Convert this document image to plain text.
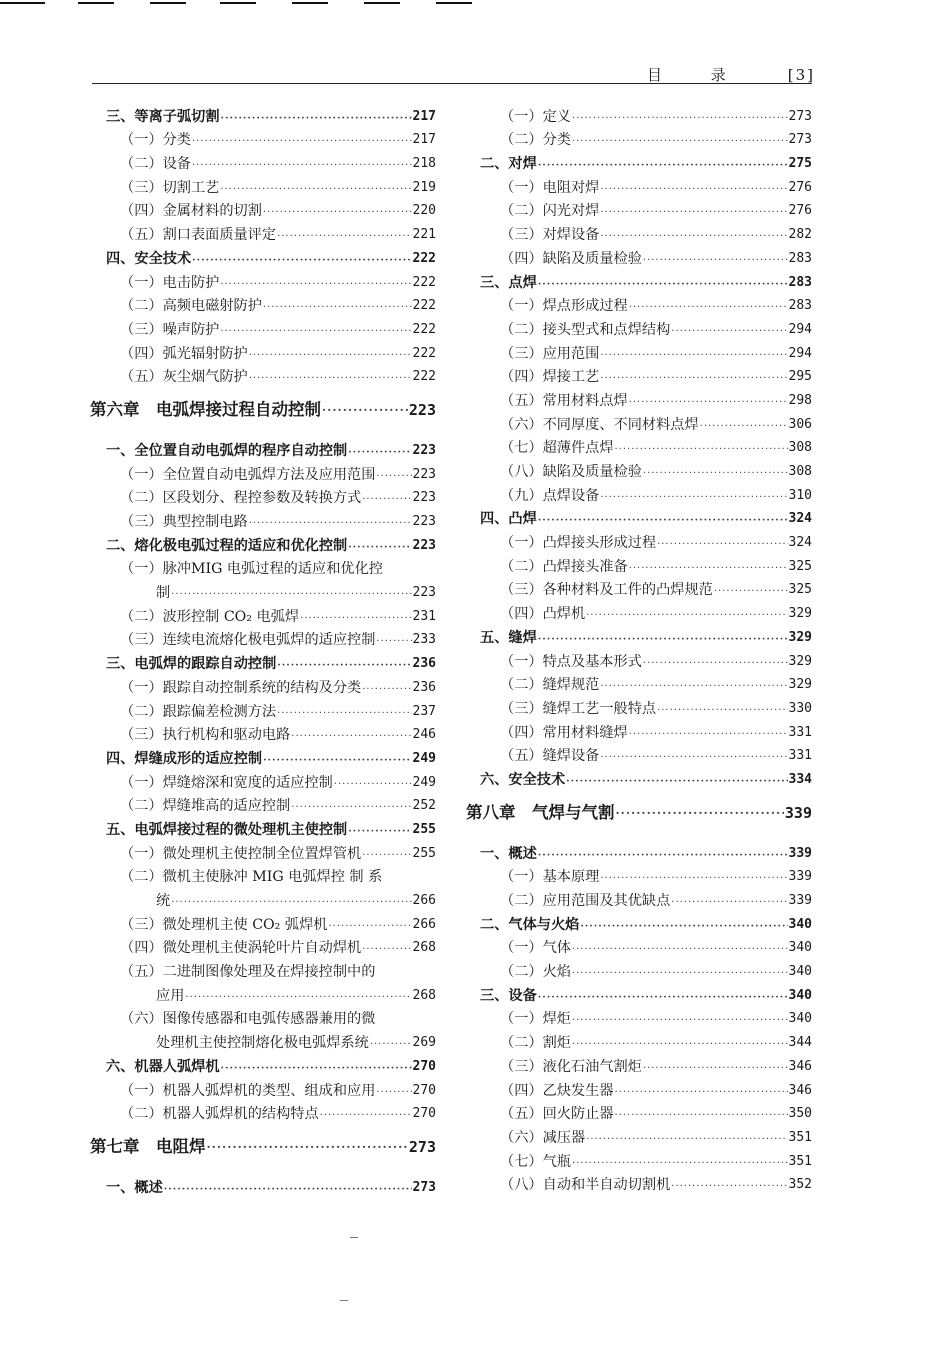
目 录	[3]
三、等离子弧切割 ·····	217
（一）分类 ·····	217
（二）设备 ·····	218
（三）切割工艺 ·····	219
（四）金属材料的切割 ·····	220
（五）割口表面质量评定 ·····	221
四、安全技术 ·····	222
（一）电击防护 ·····	222
（二）高频电磁射防护 ·····	222
（三）噪声防护 ·····	222
（四）弧光辐射防护 ·····	222
（五）灰尘烟气防护 ·····	222
第六章　电弧焊接过程自动控制 ·····	223
一、全位置自动电弧焊的程序自动控制 ·····	223
（一）全位置自动电弧焊方法及应用范围 ·····	223
（二）区段划分、程控参数及转换方式 ·····	223
（三）典型控制电路 ·····	223
二、熔化极电弧过程的适应和优化控制 ·····	223
（一）脉冲MIG 电弧过程的适应和优化控
制 ·····	223
（二）波形控制 CO₂ 电弧焊 ·····	231
（三）连续电流熔化极电弧焊的适应控制 ·····	233
三、电弧焊的跟踪自动控制 ·····	236
（一）跟踪自动控制系统的结构及分类 ·····	236
（二）跟踪偏差检测方法 ·····	237
（三）执行机构和驱动电路 ·····	246
四、焊缝成形的适应控制 ·····	249
（一）焊缝熔深和宽度的适应控制 ·····	249
（二）焊缝堆高的适应控制 ·····	252
五、电弧焊接过程的微处理机主使控制 ·····	255
（一）微处理机主使控制全位置焊管机 ·····	255
（二）微机主使脉冲 MIG 电弧焊控 制 系
统 ·····	266
（三）微处理机主使 CO₂ 弧焊机 ·····	266
（四）微处理机主使涡轮叶片自动焊机 ·····	268
（五）二进制图像处理及在焊接控制中的
应用 ·····	268
（六）图像传感器和电弧传感器兼用的微
处理机主使控制熔化极电弧焊系统 ·····	269
六、机器人弧焊机 ·····	270
（一）机器人弧焊机的类型、组成和应用 ·····	270
（二）机器人弧焊机的结构特点 ·····	270
第七章　电阻焊 ·····	273
一、概述 ·····	273
（一）定义 ·····	273
（二）分类 ·····	273
二、对焊 ·····	275
（一）电阻对焊 ·····	276
（二）闪光对焊 ·····	276
（三）对焊设备 ·····	282
（四）缺陷及质量检验 ·····	283
三、点焊 ·····	283
（一）焊点形成过程 ·····	283
（二）接头型式和点焊结构 ·····	294
（三）应用范围 ·····	294
（四）焊接工艺 ·····	295
（五）常用材料点焊 ·····	298
（六）不同厚度、不同材料点焊 ·····	306
（七）超薄件点焊 ·····	308
（八）缺陷及质量检验 ·····	308
（九）点焊设备 ·····	310
四、凸焊 ·····	324
（一）凸焊接头形成过程 ·····	324
（二）凸焊接头准备 ·····	325
（三）各种材料及工件的凸焊规范 ·····	325
（四）凸焊机 ·····	329
五、缝焊 ·····	329
（一）特点及基本形式 ·····	329
（二）缝焊规范 ·····	329
（三）缝焊工艺一般特点 ·····	330
（四）常用材料缝焊 ·····	331
（五）缝焊设备 ·····	331
六、安全技术 ·····	334
第八章　气焊与气割 ·····	339
一、概述 ·····	339
（一）基本原理 ·····	339
（二）应用范围及其优缺点 ·····	339
二、气体与火焰 ·····	340
（一）气体 ·····	340
（二）火焰 ·····	340
三、设备 ·····	340
（一）焊炬 ·····	340
（二）割炬 ·····	344
（三）液化石油气割炬 ·····	346
（四）乙炔发生器 ·····	346
（五）回火防止器 ·····	350
（六）减压器 ·····	351
（七）气瓶 ·····	351
（八）自动和半自动切割机 ·····	352
